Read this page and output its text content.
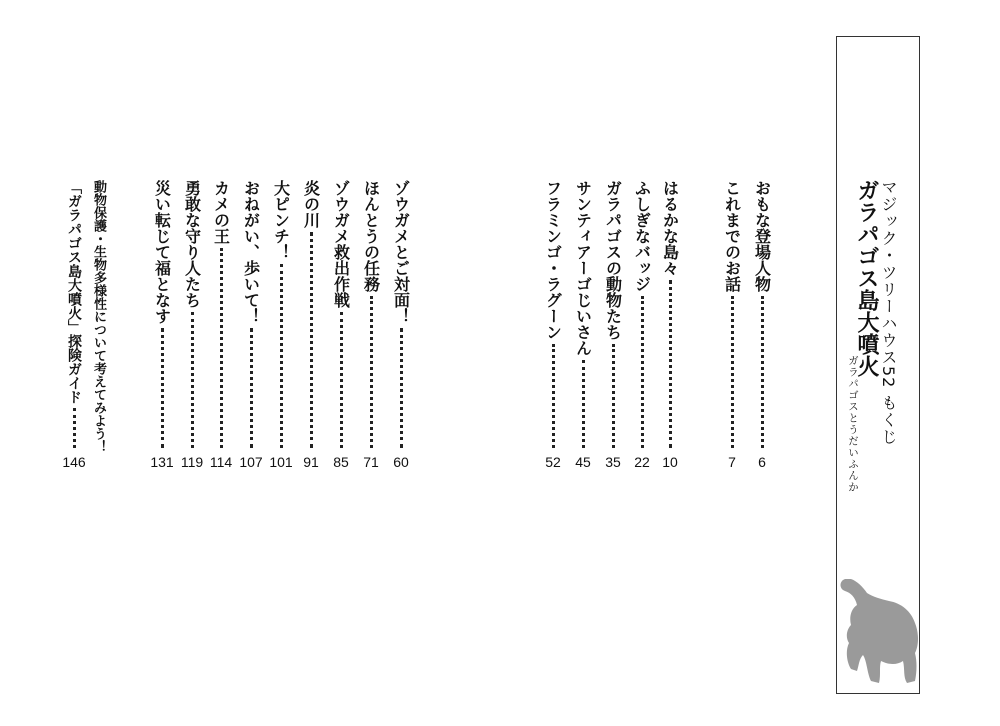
マジック・ツリーハウス52 もくじ
ガラパゴス島大噴火
ガラパゴスとうだいふんか
おもな登場人物
6
これまでのお話
7
はるかな島々
10
ふしぎなバッジ
22
ガラパゴスの動物たち
35
サンティアーゴじいさん
45
フラミンゴ・ラグーン
52
ゾウガメとご対面！
60
ほんとうの任務
71
ゾウガメ救出作戦
85
炎の川
91
大ピンチ！
101
おねがい、歩いて！
107
カメの王
114
勇敢な守り人たち
119
災い転じて福となす
131
動物保護・生物多様性について考えてみよう！
「ガラパゴス島大噴火」探険ガイド
146
